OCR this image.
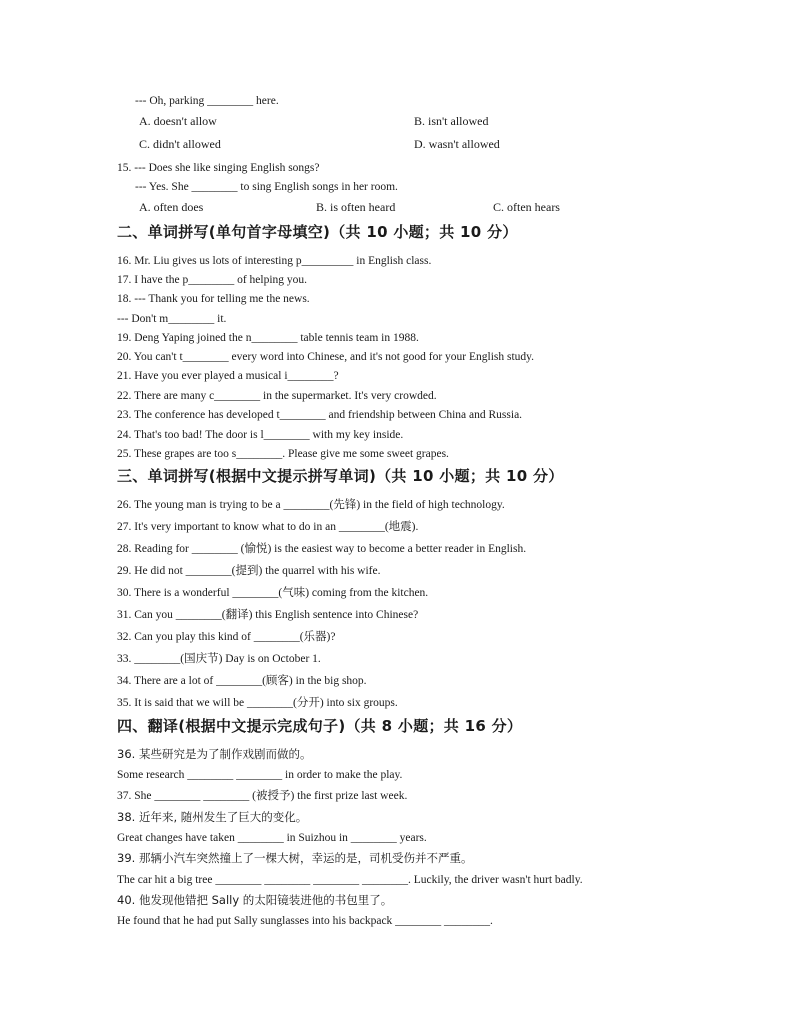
--- Oh, parking ________ here.
A. doesn't allow	B. isn't allowed
C. didn't allowed	D. wasn't allowed
15. --- Does she like singing English songs?
--- Yes. She ________ to sing English songs in her room.
A. often does	B. is often heard	C. often hears
二、单词拼写(单句首字母填空)（共 10 小题；共 10 分）
16. Mr. Liu gives us lots of interesting p_________ in English class.
17. I have the p________ of helping you.
18. --- Thank you for telling me the news.
--- Don't m________ it.
19. Deng Yaping joined the n________ table tennis team in 1988.
20. You can't t________ every word into Chinese, and it's not good for your English study.
21. Have you ever played a musical i________?
22. There are many c________ in the supermarket. It's very crowded.
23. The conference has developed t________ and friendship between China and Russia.
24. That's too bad! The door is l________ with my key inside.
25. These grapes are too s________. Please give me some sweet grapes.
三、单词拼写(根据中文提示拼写单词)（共 10 小题；共 10 分）
26. The young man is trying to be a ________(先锋) in the field of high technology.
27. It's very important to know what to do in an ________(地震).
28. Reading for ________ (愉悦) is the easiest way to become a better reader in English.
29. He did not ________(提到) the quarrel with his wife.
30. There is a wonderful ________(气味) coming from the kitchen.
31. Can you ________(翻译) this English sentence into Chinese?
32. Can you play this kind of ________(乐器)?
33. ________(国庆节) Day is on October 1.
34. There are a lot of ________(顾客) in the big shop.
35. It is said that we will be ________(分开) into six groups.
四、翻译(根据中文提示完成句子)（共 8 小题；共 16 分）
36. 某些研究是为了制作戏剧而做的。
Some research ________ ________ in order to make the play.
37. She ________ ________ (被授予) the first prize last week.
38. 近年来, 随州发生了巨大的变化。
Great changes have taken ________ in Suizhou in ________ years.
39. 那辆小汽车突然撞上了一棵大树，幸运的是，司机受伤并不严重。
The car hit a big tree ________ ________ ________ ________. Luckily, the driver wasn't hurt badly.
40. 他发现他错把 Sally 的太阳镜装进他的书包里了。
He found that he had put Sally sunglasses into his backpack ________ ________.
